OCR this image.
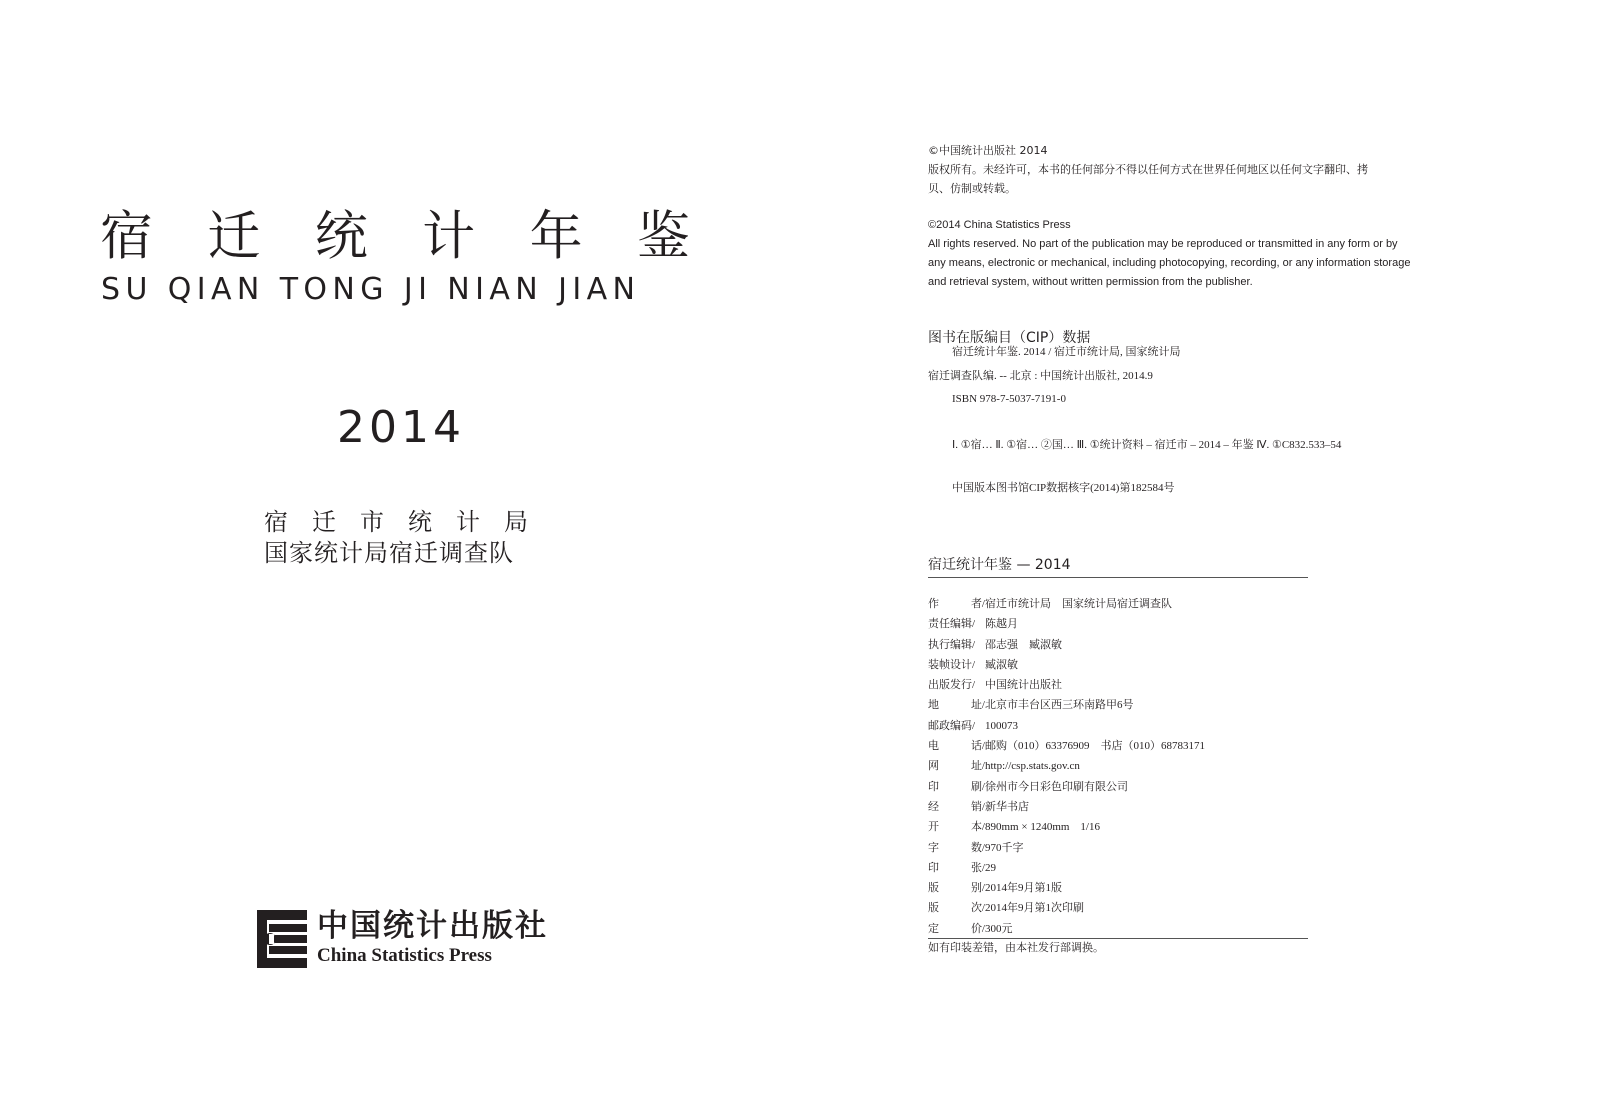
宿 迁 统 计 年 鉴
SU QIAN TONG JI NIAN JIAN
2014
宿 迁 市 统 计 局
国家统计局宿迁调查队
中国统计出版社
China Statistics Press
©中国统计出版社 2014
版权所有。未经许可，本书的任何部分不得以任何方式在世界任何地区以任何文字翻印、拷
贝、仿制或转载。
©2014 China Statistics Press
All rights reserved. No part of the publication may be reproduced or transmitted in any form or by
any means, electronic or mechanical, including photocopying, recording, or any information storage
and retrieval system, without written permission from the publisher.
图书在版编目（CIP）数据
宿迁统计年鉴. 2014 / 宿迁市统计局, 国家统计局
宿迁调查队编. -- 北京 : 中国统计出版社, 2014.9
ISBN 978-7-5037-7191-0
Ⅰ. ①宿… Ⅱ. ①宿… ②国… Ⅲ. ①统计资料 – 宿迁市 – 2014 – 年鉴 Ⅳ. ①C832.533–54
中国版本图书馆CIP数据核字(2014)第182584号
宿迁统计年鉴 — 2014
作	者/ 宿迁市统计局　国家统计局宿迁调查队
责任编辑/ 陈越月
执行编辑/ 邵志强　臧淑敏
装帧设计/ 臧淑敏
出版发行/ 中国统计出版社
地	址/ 北京市丰台区西三环南路甲6号
邮政编码/ 100073
电	话/ 邮购（010）63376909　书店（010）68783171
网	址/ http://csp.stats.gov.cn
印	刷/ 徐州市今日彩色印刷有限公司
经	销/ 新华书店
开	本/ 890mm × 1240mm　1/16
字	数/ 970千字
印	张/ 29
版	别/ 2014年9月第1版
版	次/ 2014年9月第1次印刷
定	价/ 300元
如有印装差错，由本社发行部调换。
